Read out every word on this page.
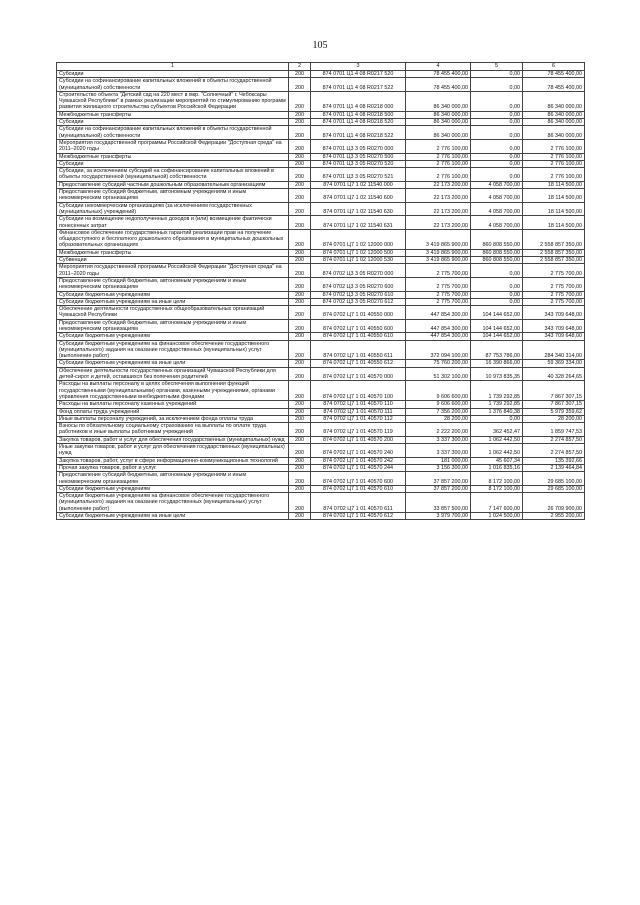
105
1	2	3	4	5	6
Субсидии	200	874 0701 Ц1 4 08 R0217 520	78 455 400,00	0,00	78 455 400,00
Субсидии на софинансирование капитальных вложений в объекты государственной (муниципальной) собственности	200	874 0701 Ц1 4 08 R0217 522	78 455 400,00	0,00	78 455 400,00
Строительство объекта "Детский сад на 220 мест в мкр. "Солнечный" г. Чебоксары Чувашской Республики" в рамках реализации мероприятий по стимулированию программ развития жилищного строительства субъектов Российской Федерации	200	874 0701 Ц1 4 08 R0218 000	86 340 000,00	0,00	86 340 000,00
Межбюджетные трансферты	200	874 0701 Ц1 4 08 R0218 500	86 340 000,00	0,00	86 340 000,00
Субсидии	200	874 0701 Ц1 4 08 R0218 520	86 340 000,00	0,00	86 340 000,00
Субсидии на софинансирование капитальных вложений в объекты государственной (муниципальной) собственности	200	874 0701 Ц1 4 08 R0218 522	86 340 000,00	0,00	86 340 000,00
Мероприятия государственной программы Российской Федерации "Доступная среда" на 2011–2020 годы	200	874 0701 Ц3 3 05 R0270 000	2 776 100,00	0,00	2 776 100,00
Межбюджетные трансферты	200	874 0701 Ц3 3 05 R0270 500	2 776 100,00	0,00	2 776 100,00
Субсидии	200	874 0701 Ц3 3 05 R0270 520	2 776 100,00	0,00	2 776 100,00
Субсидии, за исключением субсидий на софинансирование капитальных вложений в объекты государственной (муниципальной) собственности	200	874 0701 Ц3 3 05 R0270 521	2 776 100,00	0,00	2 776 100,00
Предоставление субсидий частным дошкольным образовательным организациям	200	874 0701 Ц7 1 02 11540 000	22 173 200,00	4 058 700,00	18 114 500,00
Предоставление субсидий бюджетным, автономным учреждениям и иным некоммерческим организациям	200	874 0701 Ц7 1 02 11540 600	22 173 200,00	4 058 700,00	18 114 500,00
Субсидии некоммерческим организациям (за исключением государственных (муниципальных) учреждений)	200	874 0701 Ц7 1 02 11540 630	22 173 200,00	4 058 700,00	18 114 500,00
Субсидии на возмещение недополученных доходов и (или) возмещение фактически понесенных затрат	200	874 0701 Ц7 1 02 11540 631	22 173 200,00	4 058 700,00	18 114 500,00
Финансовое обеспечение государственных гарантий реализации прав на получение общедоступного и бесплатного дошкольного образования в муниципальных дошкольных образовательных организациях	200	874 0701 Ц7 1 02 12000 000	3 419 865 900,00	860 808 550,00	2 558 857 350,00
Межбюджетные трансферты	200	874 0701 Ц7 1 02 12000 500	3 419 865 900,00	860 808 550,00	2 558 857 350,00
Субвенции	200	874 0701 Ц7 1 02 12000 530	3 419 865 900,00	860 808 550,00	2 558 857 350,00
Мероприятия государственной программы Российской Федерации "Доступная среда" на 2011–2020 годы	200	874 0702 Ц3 3 05 R0270 000	2 775 700,00	0,00	2 775 700,00
Предоставление субсидий бюджетным, автономным учреждениям и иным некоммерческим организациям	200	874 0702 Ц3 3 05 R0270 600	2 775 700,00	0,00	2 775 700,00
Субсидии бюджетным учреждениям	200	874 0702 Ц3 3 05 R0270 610	2 775 700,00	0,00	2 775 700,00
Субсидии бюджетным учреждениям на иные цели	200	874 0702 Ц3 3 05 R0270 612	2 775 700,00	0,00	2 775 700,00
Обеспечение деятельности государственных общеобразовательных организаций Чувашской Республики	200	874 0702 Ц7 1 01 40550 000	447 854 300,00	104 144 652,00	343 709 648,00
Предоставление субсидий бюджетным, автономным учреждениям и иным некоммерческим организациям	200	874 0702 Ц7 1 01 40550 600	447 854 300,00	104 144 652,00	343 709 648,00
Субсидии бюджетным учреждениям	200	874 0702 Ц7 1 01 40550 610	447 854 300,00	104 144 652,00	343 709 648,00
Субсидии бюджетным учреждениям на финансовое обеспечение государственного (муниципального) задания на оказание государственных (муниципальных) услуг (выполнение работ)	200	874 0702 Ц7 1 01 40550 611	372 094 100,00	87 753 786,00	284 340 314,00
Субсидии бюджетным учреждениям на иные цели	200	874 0702 Ц7 1 01 40550 612	75 760 200,00	16 390 866,00	59 369 334,00
Обеспечение деятельности государственных организаций Чувашской Республики для детей-сирот и детей, оставшихся без попечения родителей	200	874 0702 Ц7 1 01 40570 000	51 302 100,00	10 973 835,35	40 328 264,65
Расходы на выплаты персоналу в целях обеспечения выполнения функций государственными (муниципальными) органами, казенными учреждениями, органами управления государственными внебюджетными фондами	200	874 0702 Ц7 1 01 40570 100	9 606 600,00	1 739 292,85	7 867 307,15
Расходы на выплаты персоналу казенных учреждений	200	874 0702 Ц7 1 01 40570 110	9 606 600,00	1 739 292,85	7 867 307,15
Фонд оплаты труда учреждений	200	874 0702 Ц7 1 01 40570 111	7 356 200,00	1 376 840,38	5 979 359,62
Иные выплаты персоналу учреждений, за исключением фонда оплаты труда	200	874 0702 Ц7 1 01 40570 112	28 200,00	0,00	28 200,00
Взносы по обязательному социальному страхованию на выплаты по оплате труда работников и иные выплаты работникам учреждений	200	874 0702 Ц7 1 01 40570 119	2 222 200,00	362 452,47	1 859 747,53
Закупка товаров, работ и услуг для обеспечения государственных (муниципальных) нужд	200	874 0702 Ц7 1 01 40570 200	3 337 300,00	1 062 442,50	2 274 857,50
Иные закупки товаров, работ и услуг для обеспечения государственных (муниципальных) нужд	200	874 0702 Ц7 1 01 40570 240	3 337 300,00	1 062 442,50	2 274 857,50
Закупка товаров, работ, услуг в сфере информационно-коммуникационных технологий	200	874 0702 Ц7 1 01 40570 242	181 000,00	45 607,34	135 392,66
Прочая закупка товаров, работ и услуг	200	874 0702 Ц7 1 01 40570 244	3 156 300,00	1 016 835,16	2 139 464,84
Предоставление субсидий бюджетным, автономным учреждениям и иным некоммерческим организациям	200	874 0702 Ц7 1 01 40570 600	37 857 200,00	8 172 100,00	29 685 100,00
Субсидии бюджетным учреждениям	200	874 0702 Ц7 1 01 40570 610	37 857 200,00	8 172 100,00	29 685 100,00
Субсидии бюджетным учреждениям на финансовое обеспечение государственного (муниципального) задания на оказание государственных (муниципальных) услуг (выполнение работ)	200	874 0702 Ц7 1 01 40570 611	33 857 500,00	7 147 600,00	26 709 900,00
Субсидии бюджетным учреждениям на иные цели	200	874 0702 Ц7 1 01 40570 612	3 979 700,00	1 024 500,00	2 955 200,00
